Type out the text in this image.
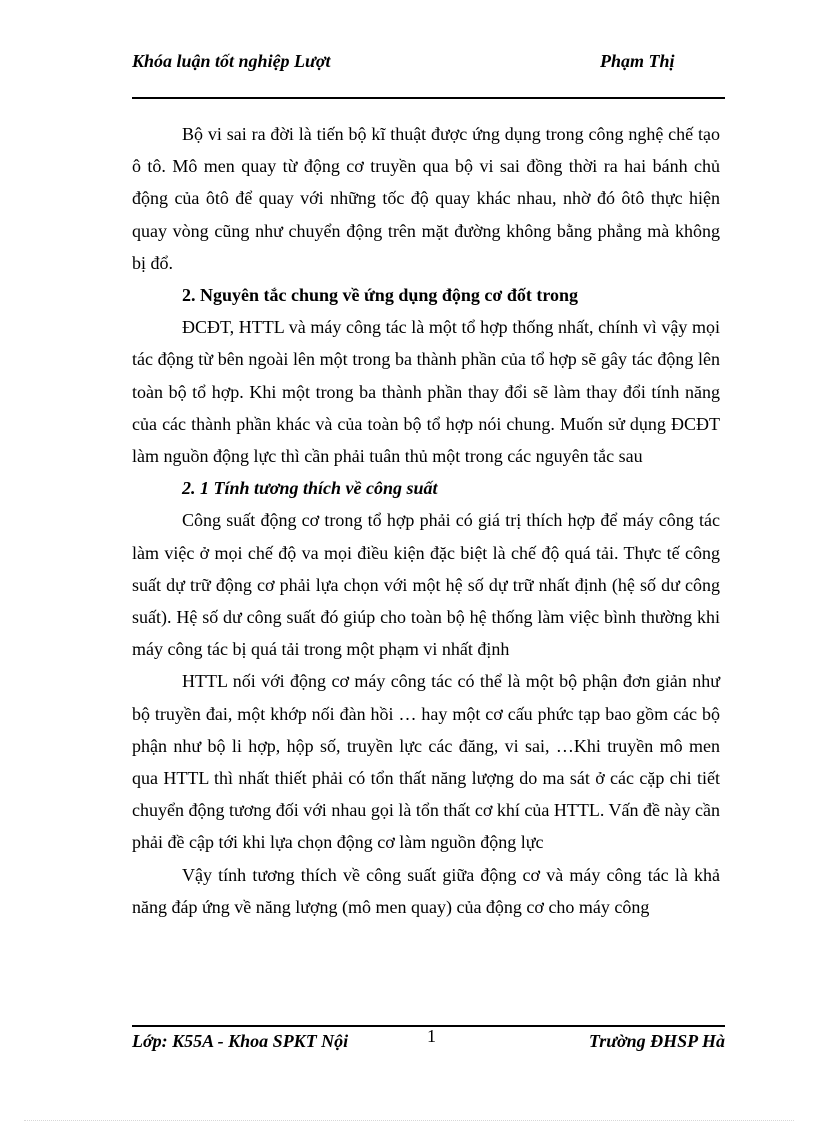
Khóa luận tốt nghiệp Lượt	Phạm Thị

Bộ vi sai ra đời là tiến bộ kĩ thuật được ứng dụng trong công nghệ chế tạo ô tô. Mô men quay từ động cơ truyền qua bộ vi sai đồng thời ra hai bánh chủ động của ôtô để quay với những tốc độ quay khác nhau, nhờ đó ôtô thực hiện quay vòng cũng như chuyển động trên mặt đường không bằng phẳng mà không bị đổ.

2. Nguyên tắc chung về ứng dụng động cơ đốt trong

ĐCĐT, HTTL và máy công tác là một tổ hợp thống nhất, chính vì vậy mọi tác động từ bên ngoài lên một trong ba thành phần của tổ hợp sẽ gây tác động lên toàn bộ tổ hợp. Khi một trong ba thành phần thay đổi sẽ làm thay đổi tính năng của các thành phần khác và của toàn bộ tổ hợp nói chung. Muốn sử dụng ĐCĐT làm nguồn động lực thì cần phải tuân thủ một trong các nguyên tắc sau

2. 1 Tính tương thích về công suất

Công suất động cơ trong tổ hợp phải có giá trị thích hợp để máy công tác làm việc ở mọi chế độ va mọi điều kiện đặc biệt là chế độ quá tải. Thực tế công suất dự trữ động cơ phải lựa chọn với một hệ số dự trữ nhất định (hệ số dư công suất). Hệ số dư công suất đó giúp cho toàn bộ hệ thống làm việc bình thường khi máy công tác bị quá tải trong một phạm vi nhất định

HTTL nối với động cơ máy công tác có thể là một bộ phận đơn giản như bộ truyền đai, một khớp nối đàn hồi … hay một cơ cấu phức tạp bao gồm các bộ phận như bộ li hợp, hộp số, truyền lực các đăng, vi sai, …Khi truyền mô men qua HTTL thì nhất thiết phải có tổn thất năng lượng do ma sát ở các cặp chi tiết chuyển động tương đối với nhau gọi là tổn thất cơ khí của HTTL. Vấn đề này cần phải đề cập tới khi lựa chọn động cơ làm nguồn động lực

Vậy tính tương thích về công suất giữa động cơ và máy công tác là khả năng đáp ứng về năng lượng (mô men quay) của động cơ cho máy công

Lớp: K55A - Khoa SPKT Nội	1	Trường ĐHSP Hà
